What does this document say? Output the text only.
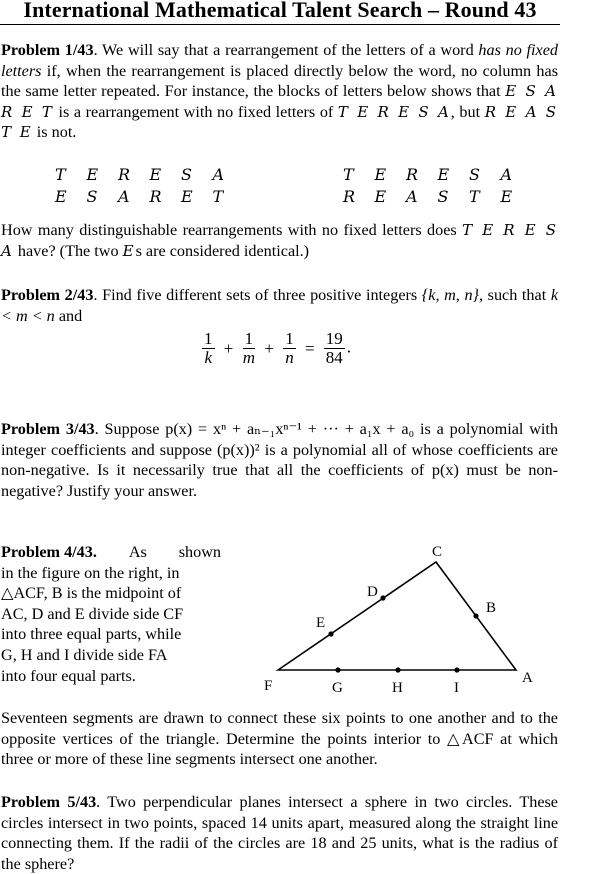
International Mathematical Talent Search – Round 43

Problem 1/43. We will say that a rearrangement of the letters of a word has no fixed letters if, when the rearrangement is placed directly below the word, no column has the same letter repeated. For instance, the blocks of letters below shows that E S A R E T is a rearrangement with no fixed letters of T E R E S A, but R E A S T E is not.

T	E	R	E	S	A
E	S	A	R	E	T
T	E	R	E	S	A
R	E	A	S	T	E

How many distinguishable rearrangements with no fixed letters does T E R E S A have? (The two Es are considered identical.)

Problem 2/43. Find five different sets of three positive integers {k, m, n}, such that k < m < n and

$\frac{1}{k} + \frac{1}{m} + \frac{1}{n} = \frac{19}{84}$ .

Problem 3/43. Suppose p(x) = xⁿ + aₙ₋₁xⁿ⁻¹ + ··· + a₁x + a₀ is a polynomial with integer coefficients and suppose (p(x))² is a polynomial all of whose coefficients are non-negative. Is it necessarily true that all the coefficients of p(x) must be non-negative? Justify your answer.

Problem 4/43. As shown
in the figure on the right, in
△ACF, B is the midpoint of
AC, D and E divide side CF
into three equal parts, while
G, H and I divide side FA
into four equal parts.
C
D
B
E
F	G	H	I
A

Seventeen segments are drawn to connect these six points to one another and to the opposite vertices of the triangle. Determine the points interior to △ACF at which three or more of these line segments intersect one another.

Problem 5/43. Two perpendicular planes intersect a sphere in two circles. These circles intersect in two points, spaced 14 units apart, measured along the straight line connecting them. If the radii of the circles are 18 and 25 units, what is the radius of the sphere?
